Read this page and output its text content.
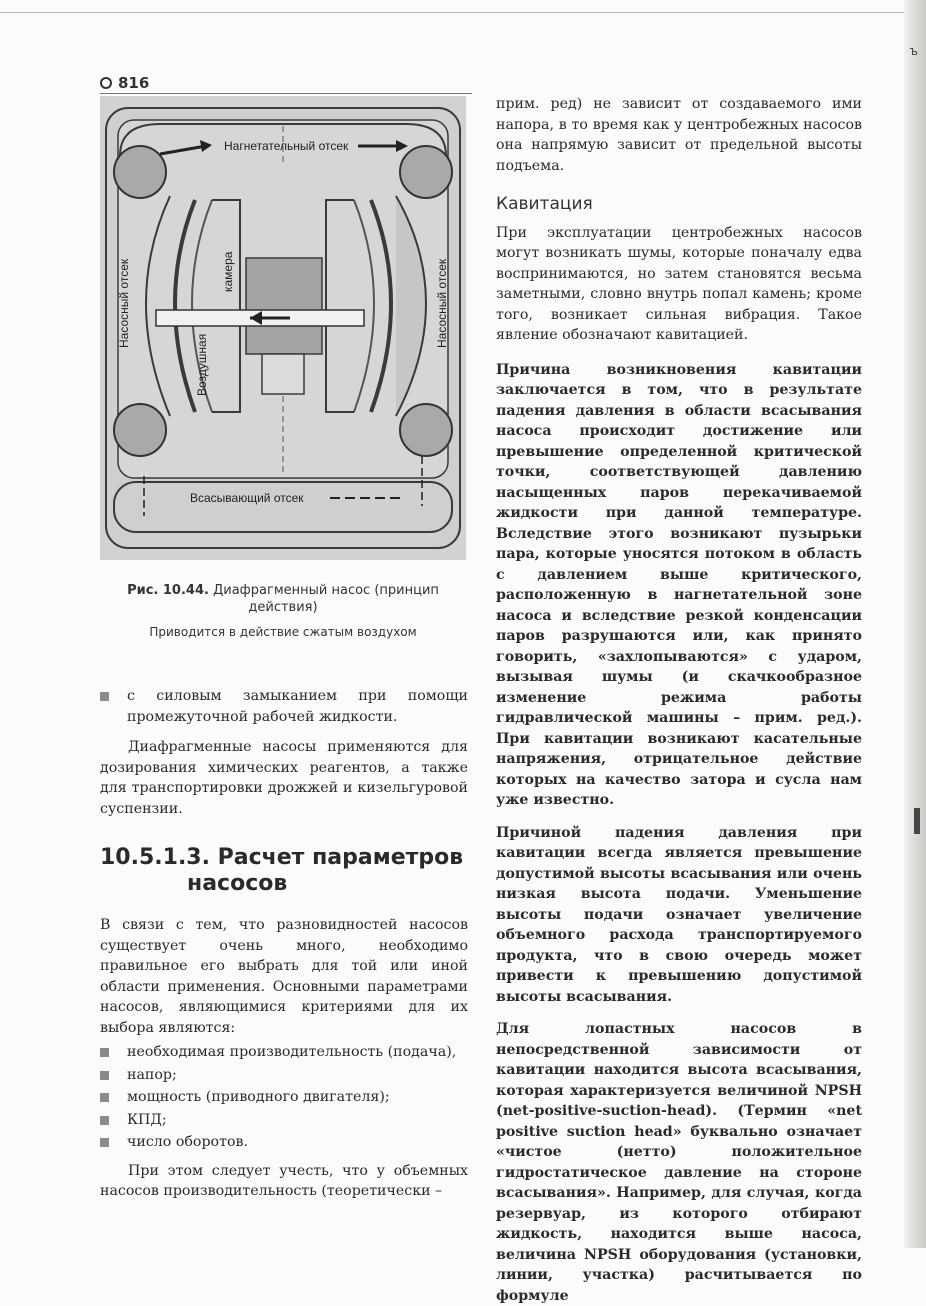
ъ
816
Нагнетательный отсек
Всасывающий отсек
Насосный отсек	Насосный отсек
Воздушная
камера
Рис. 10.44. Диафрагменный насос (принцип действия)
Приводится в действие сжатым воздухом

с силовым замыканием при помощи промежуточной рабочей жидкости.

Диафрагменные насосы применяются для дозирования химических реагентов, а также для транспортировки дрожжей и кизельгуровой суспензии.

10.5.1.3. Расчет параметров
насосов

В связи с тем, что разновидностей насосов существует очень много, необходимо правильное его выбрать для той или иной области применения. Основными параметрами насосов, являющимися критериями для их выбора являются:

необходимая производительность (подача),
напор;
мощность (приводного двигателя);
КПД;
число оборотов.

При этом следует учесть, что у объемных насосов производительность (теоретически –

прим. ред) не зависит от создаваемого ими напора, в то время как у центробежных насосов она напрямую зависит от предельной высоты подъема.

Кавитация

При эксплуатации центробежных насосов могут возникать шумы, которые поначалу едва воспринимаются, но затем становятся весьма заметными, словно внутрь попал камень; кроме того, возникает сильная вибрация. Такое явление обозначают кавитацией.

Причина возникновения кавитации заключается в том, что в результате падения давления в области всасывания насоса происходит достижение или превышение определенной критической точки, соответствующей давлению насыщенных паров перекачиваемой жидкости при данной температуре. Вследствие этого возникают пузырьки пара, которые уносятся потоком в область с давлением выше критического, расположенную в нагнетательной зоне насоса и вследствие резкой конденсации паров разрушаются или, как принято говорить, «захлопываются» с ударом, вызывая шумы (и скачкообразное изменение режима работы гидравлической машины – прим. ред.). При кавитации возникают касательные напряжения, отрицательное действие которых на качество затора и сусла нам уже известно.

Причиной падения давления при кавитации всегда является превышение допустимой высоты всасывания или очень низкая высота подачи. Уменьшение высоты подачи означает увеличение объемного расхода транспортируемого продукта, что в свою очередь может привести к превышению допустимой высоты всасывания.

Для лопастных насосов в непосредственной зависимости от кавитации находится высота всасывания, которая характеризуется величиной NPSH (net-positive-suction-head). (Термин «net positive suction head» буквально означает «чистое (нетто) положительное гидростатическое давление на стороне всасывания». Например, для случая, когда резервуар, из которого отбирают жидкость, находится выше насоса, величина NPSH оборудования (установки, линии, участка) расчитывается по формуле
